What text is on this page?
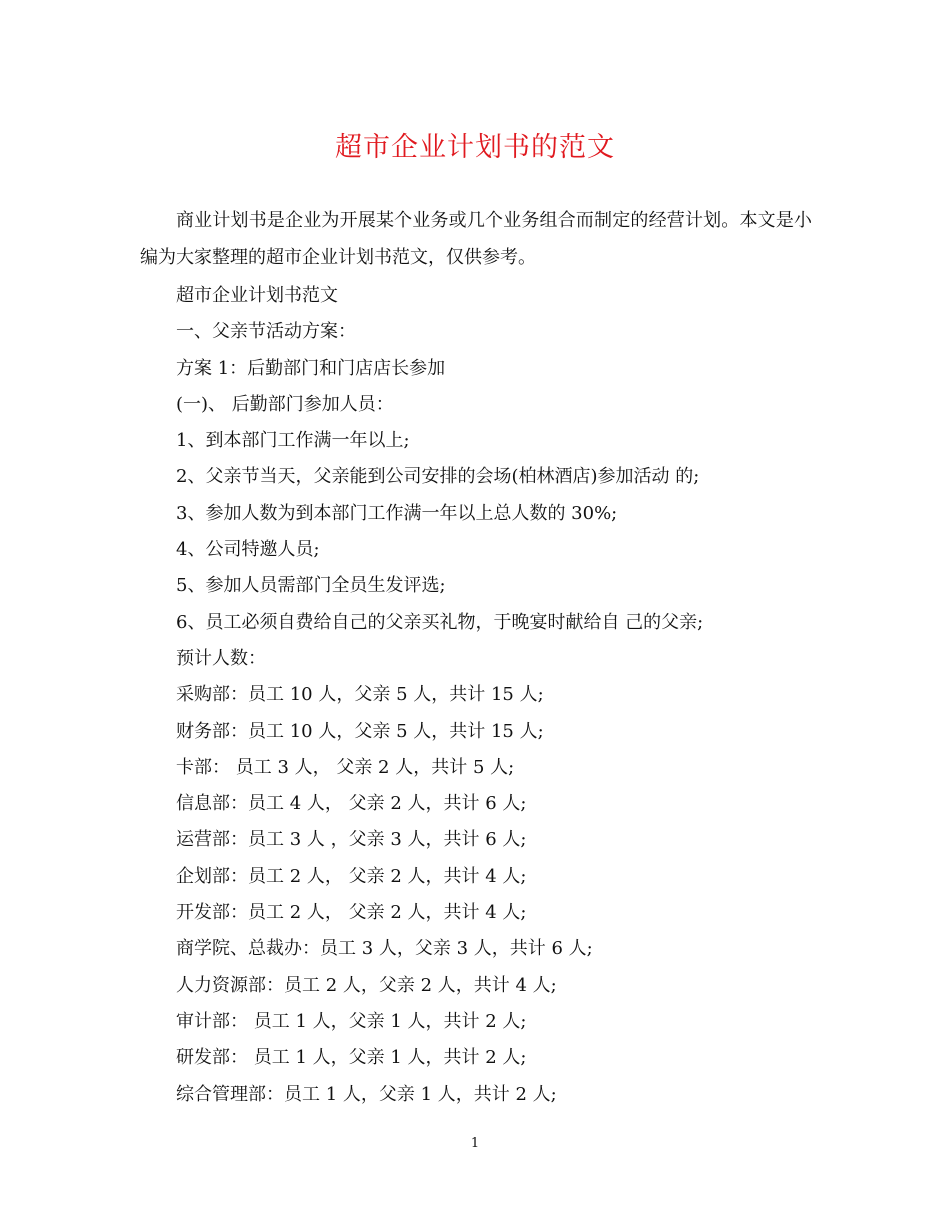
超市企业计划书的范文

商业计划书是企业为开展某个业务或几个业务组合而制定的经营计划。本文是小编为大家整理的超市企业计划书范文，仅供参考。

超市企业计划书范文
一、父亲节活动方案：
方案 1：后勤部门和门店店长参加
(一)、 后勤部门参加人员：
1、到本部门工作满一年以上;
2、父亲节当天，父亲能到公司安排的会场(柏林酒店)参加活动 的;
3、参加人数为到本部门工作满一年以上总人数的 30%;
4、公司特邀人员;
5、参加人员需部门全员生发评选;
6、员工必须自费给自己的父亲买礼物，于晚宴时献给自 己的父亲;
预计人数：
采购部：员工 10 人，父亲 5 人，共计 15 人;
财务部：员工 10 人，父亲 5 人，共计 15 人;
卡部： 员工 3 人， 父亲 2 人，共计 5 人;
信息部：员工 4 人， 父亲 2 人，共计 6 人;
运营部：员工 3 人 ，父亲 3 人，共计 6 人;
企划部：员工 2 人， 父亲 2 人，共计 4 人;
开发部：员工 2 人， 父亲 2 人，共计 4 人;
商学院、总裁办：员工 3 人，父亲 3 人，共计 6 人;
人力资源部：员工 2 人，父亲 2 人，共计 4 人;
审计部： 员工 1 人，父亲 1 人，共计 2 人;
研发部： 员工 1 人，父亲 1 人，共计 2 人;
综合管理部：员工 1 人，父亲 1 人，共计 2 人;
1
